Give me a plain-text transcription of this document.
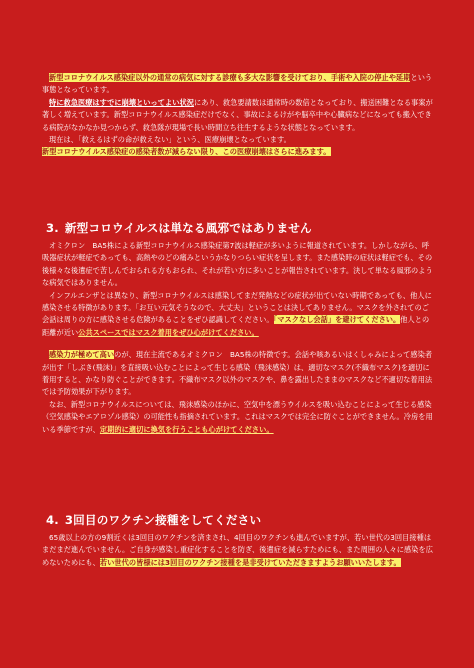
新型コロナウイルス感染症以外の通常の病気に対する診療も多大な影響を受けており、手術や入院の停止や延期という事態となっています。

特に救急医療はすでに崩壊といってよい状況にあり、救急要請数は通常時の数倍となっており、搬送困難となる事案が著しく増えています。新型コロナウイルス感染症だけでなく、事故によるけがや脳卒中や心臓病などになっても搬入できる病院がなかなか見つからず、救急隊が現場で長い時間立ち往生するような状態となっています。

現在は、「救えるはずの命が救えない」という、医療崩壊となっています。

新型コロナウイルス感染症の感染者数が減らない限り、この医療崩壊はさらに進みます。

3. 新型コロウイルスは単なる風邪ではありません

オミクロン　BA5株による新型コロナウイルス感染症第7波は軽症が多いように報道されています。しかしながら、呼吸器症状が軽症であっても、高熱やのどの痛みというかなりつらい症状を呈します。また感染時の症状は軽症でも、その後様々な後遺症で苦しんでおられる方もおられ、それが若い方に多いことが報告されています。決して単なる風邪のような病気ではありません。

インフルエンザとは異なり、新型コロナウイルスは感染してまだ発熱などの症状が出ていない時期であっても、他人に感染させる特徴があります。「お互い元気そうなので、大丈夫」ということは決してありません。マスクを外されてのご会話は周りの方に感染させる危険があることをぜひ認識してください。「マスクなし会話」を避けてください。他人との距離が近い公共スペースではマスク着用をぜひ心がけてください。

感染力が極めて高いのが、現在主流であるオミクロン　BA5株の特徴です。会話や咳あるいはくしゃみによって感染者が出す「しぶき(飛沫)」を直接吸い込むことによって生じる感染（飛沫感染）は、適切なマスク(不織布マスク)を適切に着用すると、かなり防ぐことができます。不織布マスク以外のマスクや、鼻を露出したままのマスクなど不適切な着用法では予防効果が下がります。

なお、新型コロナウイルスについては、飛沫感染のほかに、空気中を漂うウイルスを吸い込むことによって生じる感染（空気感染やエアロゾル感染）の可能性も指摘されています。これはマスクでは完全に防ぐことができません。冷房を用いる季節ですが、定期的に適切に換気を行うことも心がけてください。

4. 3回目のワクチン接種をしてください

65歳以上の方の9割近くは3回目のワクチンを済まされ、4回目のワクチンも進んでいますが、若い世代の3回目接種はまだまだ進んでいません。ご自身が感染し重症化することを防ぎ、後遺症を減らすためにも、また周囲の人々に感染を広めないためにも、若い世代の皆様には3回目のワクチン接種を是非受けていただきますようお願いいたします。
